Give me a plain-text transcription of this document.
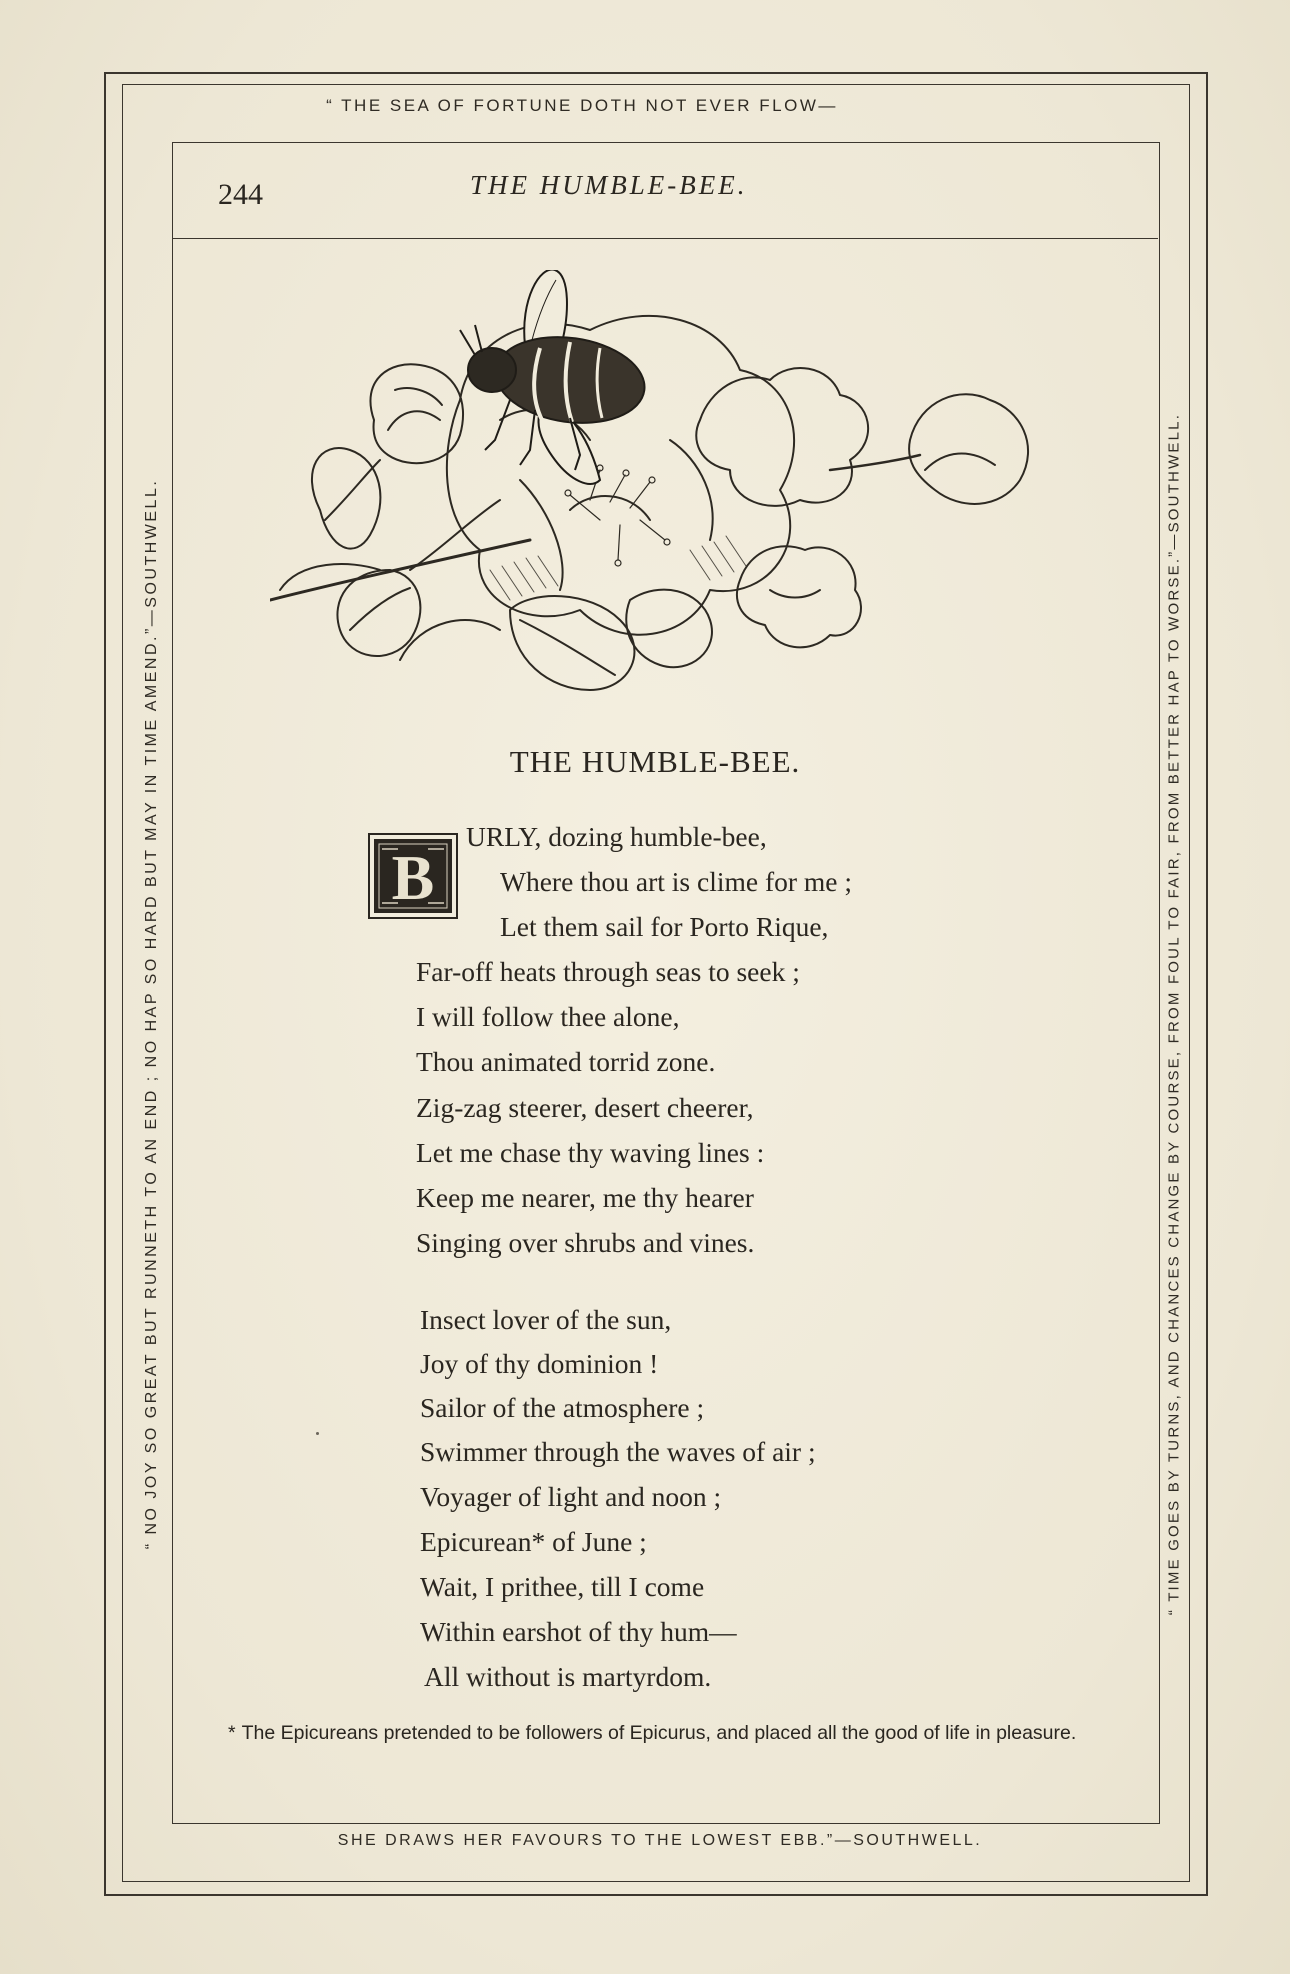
“ THE SEA OF FORTUNE DOTH NOT EVER FLOW—
SHE DRAWS HER FAVOURS TO THE LOWEST EBB.”—SOUTHWELL.
“ NO JOY SO GREAT BUT RUNNETH TO AN END ; NO HAP SO HARD BUT MAY IN TIME AMEND.”—SOUTHWELL.	“ TIME GOES BY TURNS, AND CHANCES CHANGE BY COURSE, FROM FOUL TO FAIR, FROM BETTER HAP TO WORSE.”—SOUTHWELL.
244	THE HUMBLE-BEE.
THE HUMBLE-BEE.
B
URLY, dozing humble-bee,
Where thou art is clime for me ;
Let them sail for Porto Rique,
Far-off heats through seas to seek ;
I will follow thee alone,
Thou animated torrid zone.
Zig-zag steerer, desert cheerer,
Let me chase thy waving lines :
Keep me nearer, me thy hearer
Singing over shrubs and vines.
Insect lover of the sun,
Joy of thy dominion !
Sailor of the atmosphere ;
Swimmer through the waves of air ;
Voyager of light and noon ;
Epicurean* of June ;
Wait, I prithee, till I come
Within earshot of thy hum—
All without is martyrdom.
* The Epicureans pretended to be followers of Epicurus, and placed all the good of life in pleasure.
